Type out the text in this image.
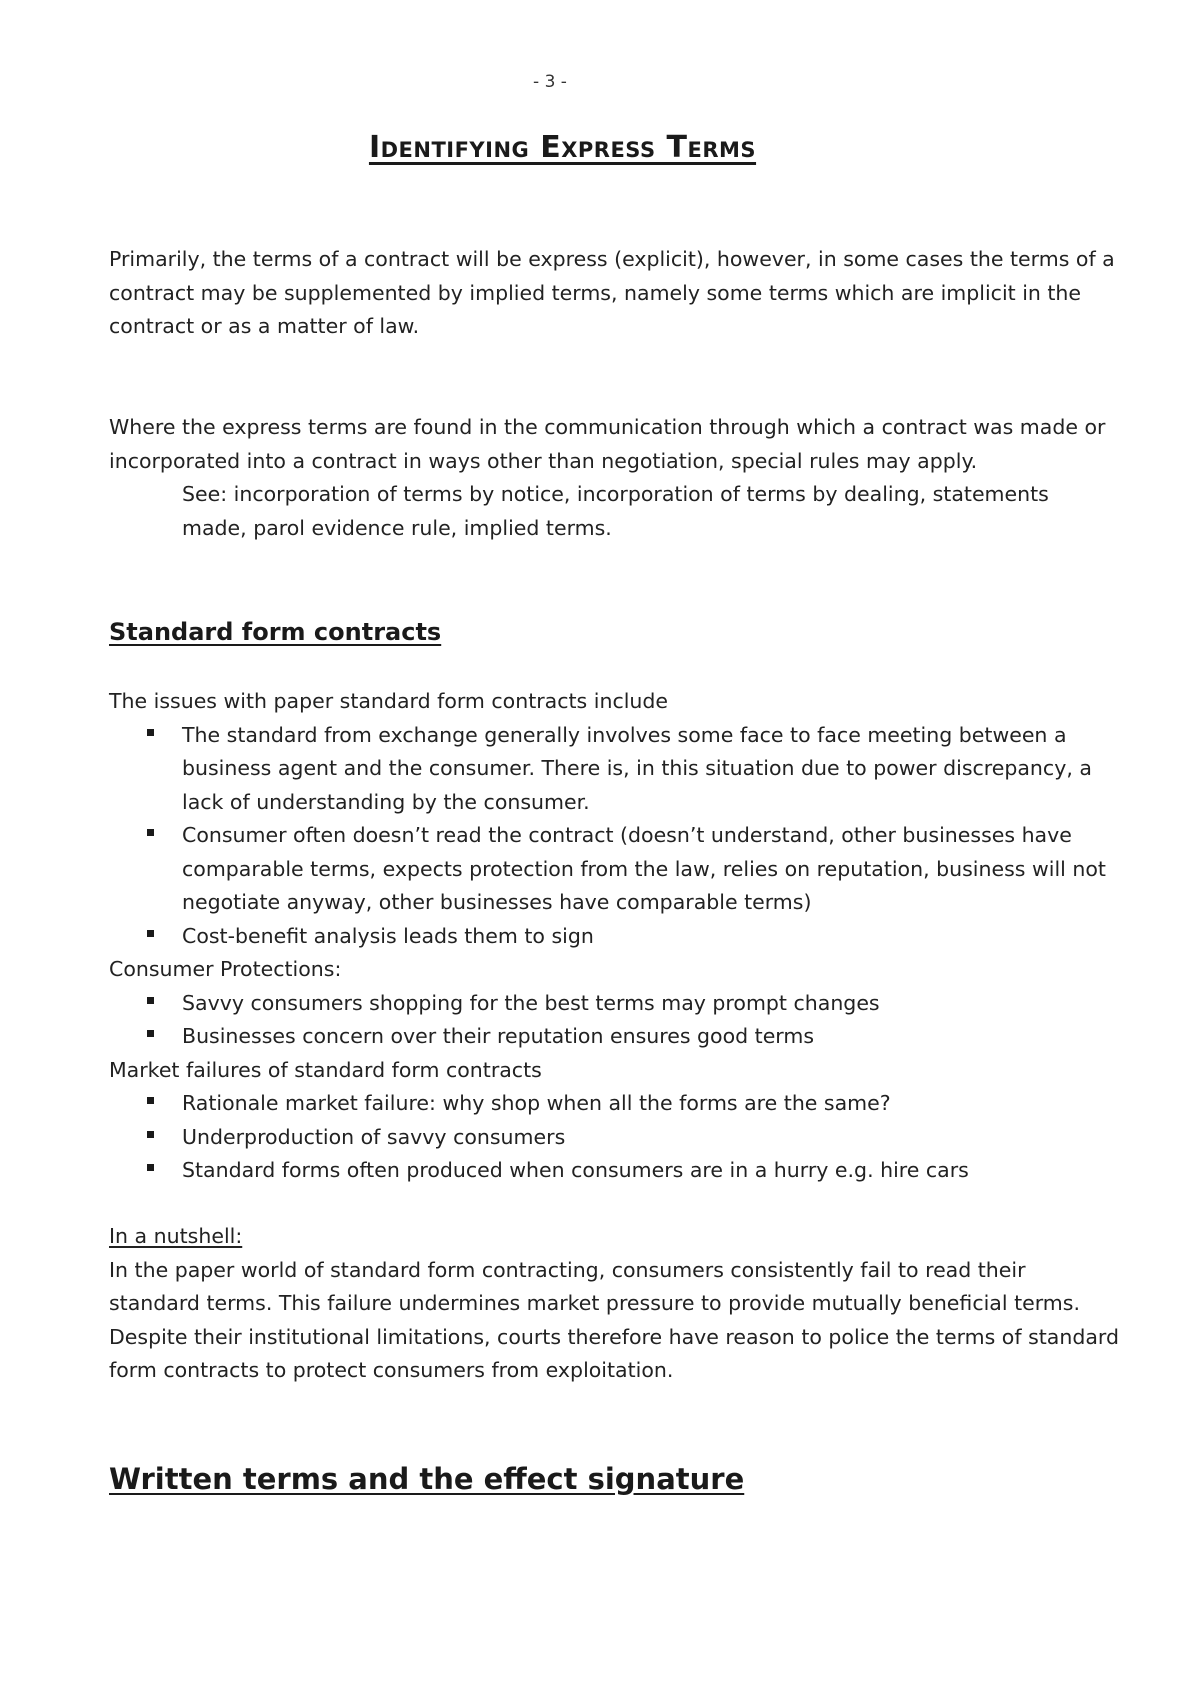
- 3 -
Identifying Express Terms

Primarily, the terms of a contract will be express (explicit), however, in some cases the terms of a contract may be supplemented by implied terms, namely some terms which are implicit in the contract or as a matter of law.

Where the express terms are found in the communication through which a contract was made or incorporated into a contract in ways other than negotiation, special rules may apply.

See: incorporation of terms by notice, incorporation of terms by dealing, statements made, parol evidence rule, implied terms.

Standard form contracts

The issues with paper standard form contracts include

The standard from exchange generally involves some face to face meeting between a business agent and the consumer. There is, in this situation due to power discrepancy, a lack of understanding by the consumer.
Consumer often doesn’t read the contract (doesn’t understand, other businesses have comparable terms, expects protection from the law, relies on reputation, business will not negotiate anyway, other businesses have comparable terms)
Cost-benefit analysis leads them to sign

Consumer Protections:

Savvy consumers shopping for the best terms may prompt changes
Businesses concern over their reputation ensures good terms

Market failures of standard form contracts

Rationale market failure: why shop when all the forms are the same?
Underproduction of savvy consumers
Standard forms often produced when consumers are in a hurry e.g. hire cars

In a nutshell:

In the paper world of standard form contracting, consumers consistently fail to read their standard terms. This failure undermines market pressure to provide mutually beneficial terms. Despite their institutional limitations, courts therefore have reason to police the terms of standard form contracts to protect consumers from exploitation.

Written terms and the effect signature
